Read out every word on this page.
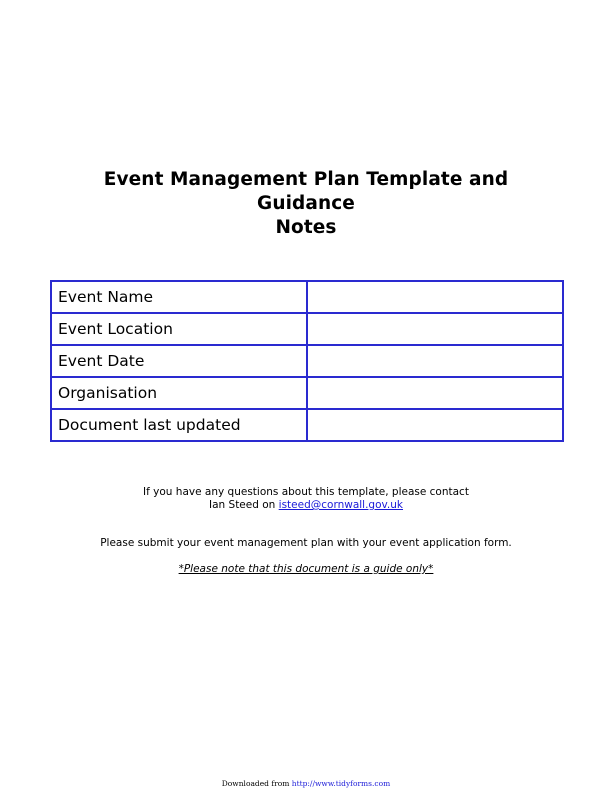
Event Management Plan Template and Guidance
Notes
Event Name	
Event Location	
Event Date	
Organisation	
Document last updated	
If you have any questions about this template, please contact
Ian Steed on isteed@cornwall.gov.uk
Please submit your event management plan with your event application form.
*Please note that this document is a guide only*
Downloaded from http://www.tidyforms.com
